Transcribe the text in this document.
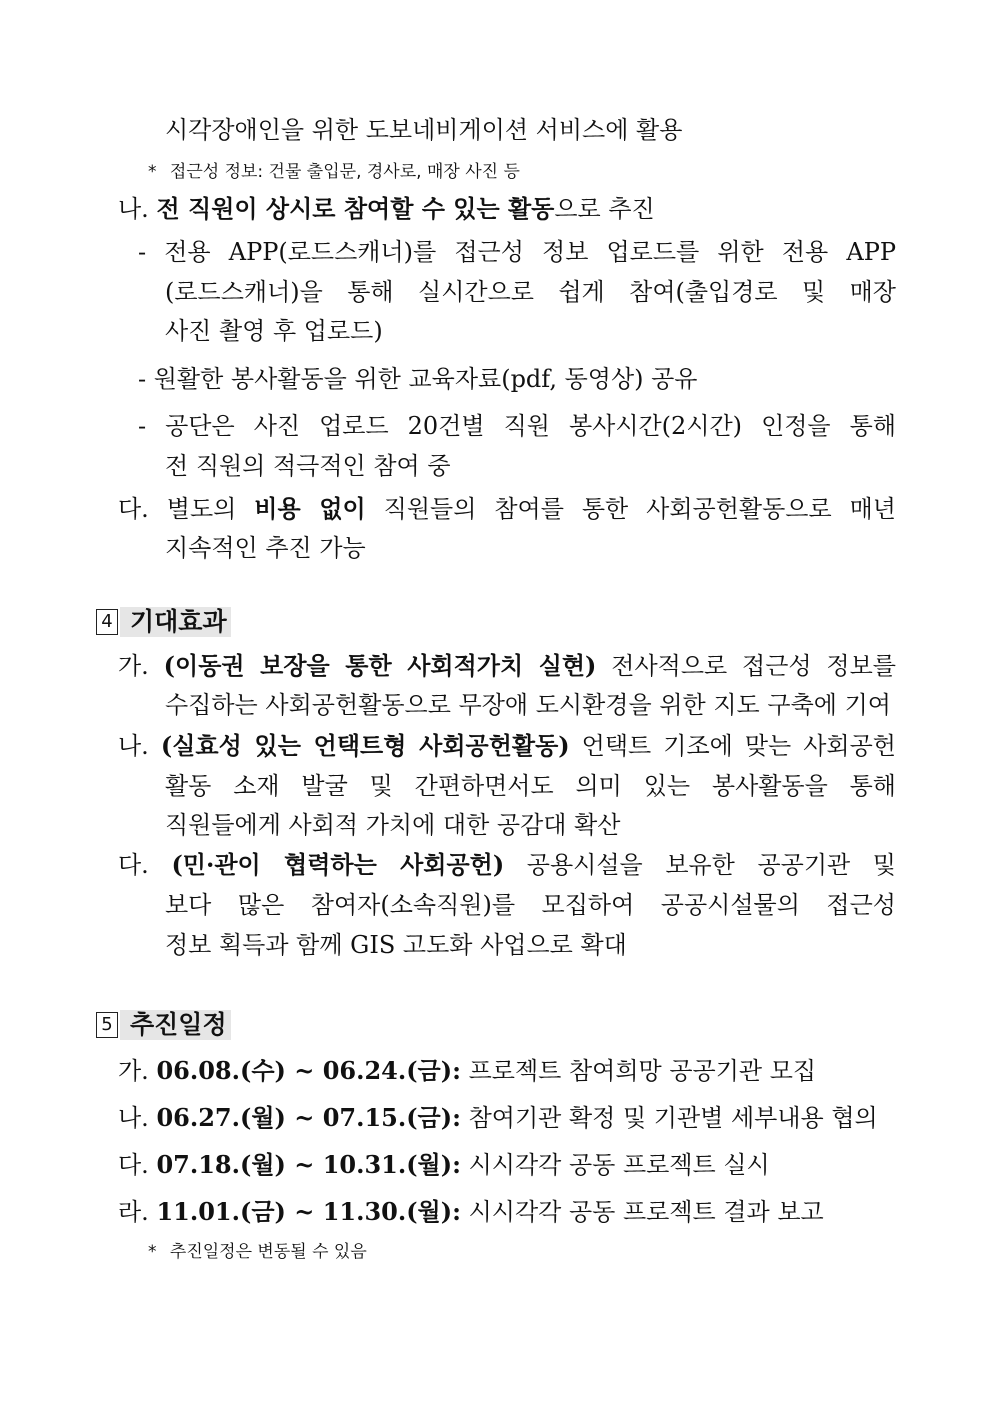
시각장애인을 위한 도보네비게이션 서비스에 활용
* 접근성 정보: 건물 출입문, 경사로, 매장 사진 등
나. 전 직원이 상시로 참여할 수 있는 활동으로 추진
- 전용 APP(로드스캐너)를 접근성 정보 업로드를 위한 전용 APP
(로드스캐너)을 통해 실시간으로 쉽게 참여(출입경로 및 매장
사진 촬영 후 업로드)
- 원활한 봉사활동을 위한 교육자료(pdf, 동영상) 공유
- 공단은 사진 업로드 20건별 직원 봉사시간(2시간) 인정을 통해
전 직원의 적극적인 참여 중
다. 별도의 비용 없이 직원들의 참여를 통한 사회공헌활동으로 매년
지속적인 추진 가능
4 기대효과
가. (이동권 보장을 통한 사회적가치 실현) 전사적으로 접근성 정보를
수집하는 사회공헌활동으로 무장애 도시환경을 위한 지도 구축에 기여
나. (실효성 있는 언택트형 사회공헌활동) 언택트 기조에 맞는 사회공헌
활동 소재 발굴 및 간편하면서도 의미 있는 봉사활동을 통해
직원들에게 사회적 가치에 대한 공감대 확산
다. (민·관이 협력하는 사회공헌) 공용시설을 보유한 공공기관 및
보다 많은 참여자(소속직원)를 모집하여 공공시설물의 접근성
정보 획득과 함께 GIS 고도화 사업으로 확대
5 추진일정
가. 06.08.(수) ~ 06.24.(금): 프로젝트 참여희망 공공기관 모집
나. 06.27.(월) ~ 07.15.(금): 참여기관 확정 및 기관별 세부내용 협의
다. 07.18.(월) ~ 10.31.(월): 시시각각 공동 프로젝트 실시
라. 11.01.(금) ~ 11.30.(월): 시시각각 공동 프로젝트 결과 보고
* 추진일정은 변동될 수 있음
